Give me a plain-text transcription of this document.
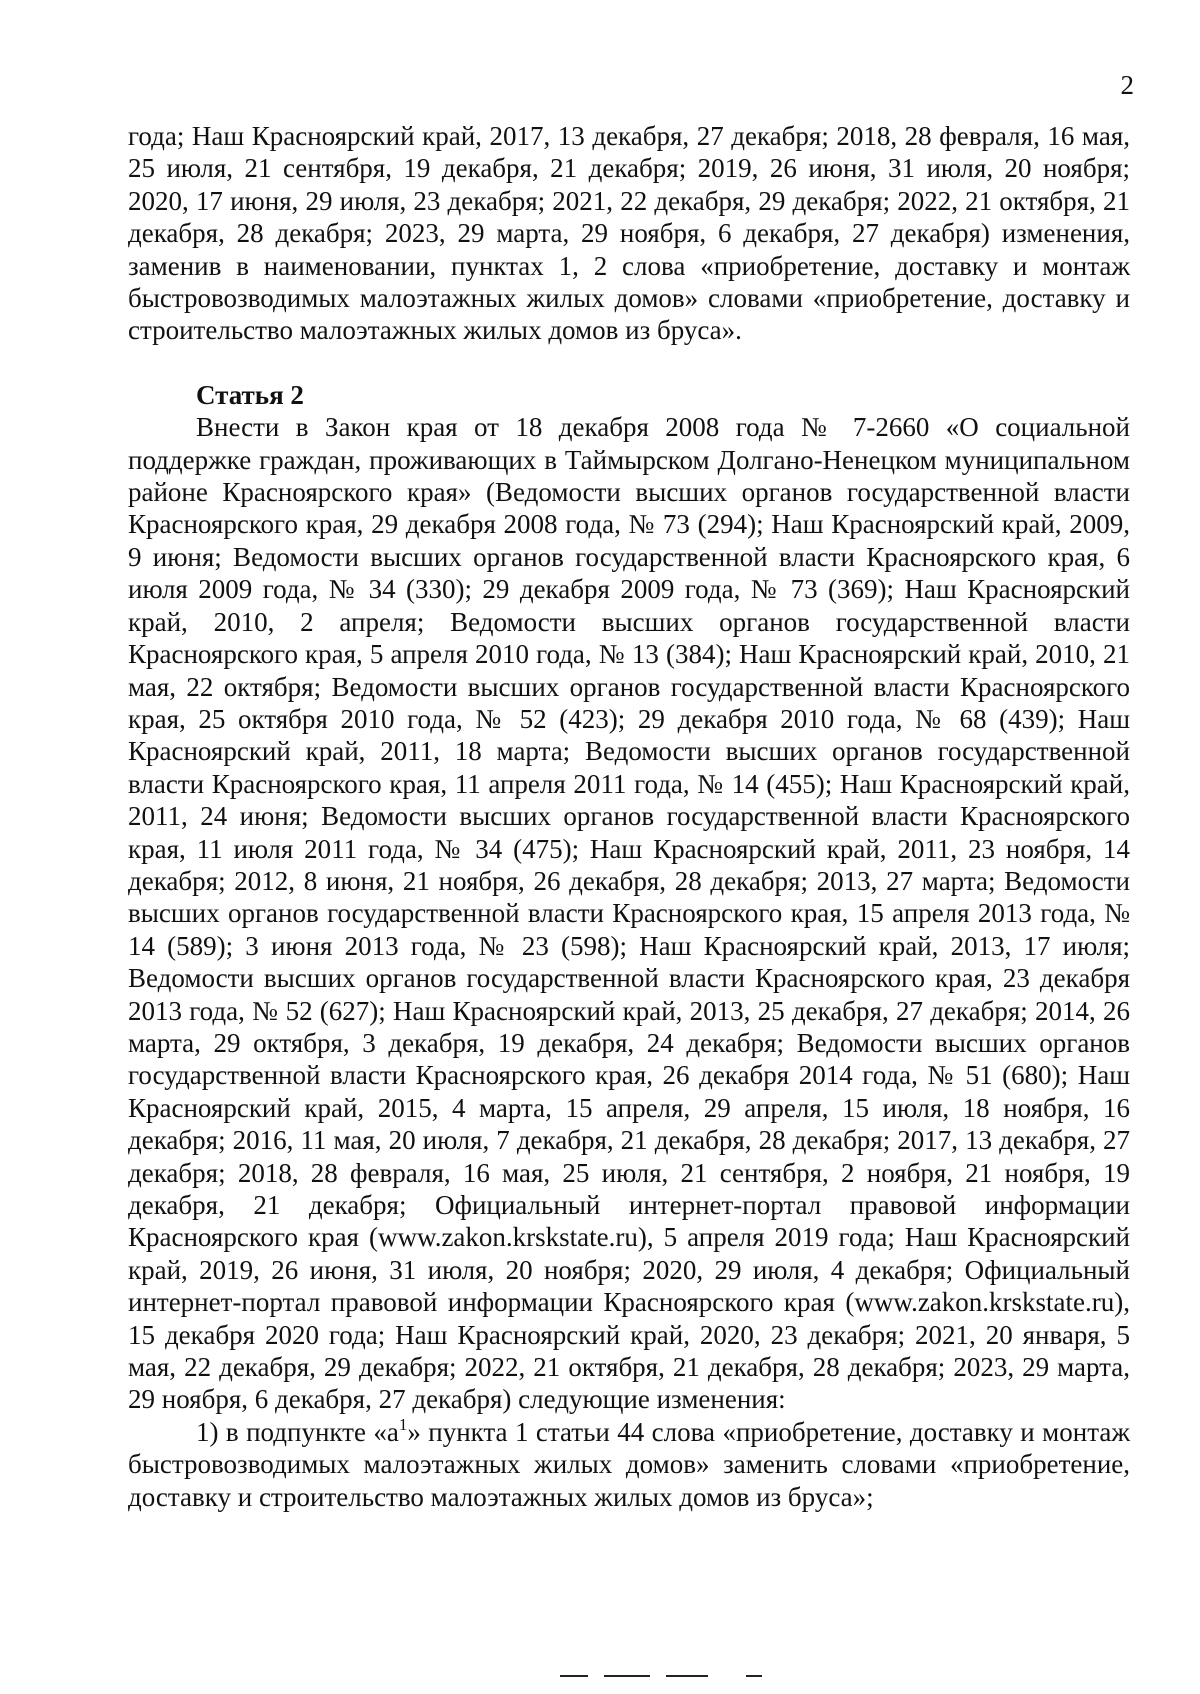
2

года; Наш Красноярский край, 2017, 13 декабря, 27 декабря; 2018, 28 февраля, 16 мая, 25 июля, 21 сентября, 19 декабря, 21 декабря; 2019, 26 июня, 31 июля, 20 ноября; 2020, 17 июня, 29 июля, 23 декабря; 2021, 22 декабря, 29 декабря; 2022, 21 октября, 21 декабря, 28 декабря; 2023, 29 марта, 29 ноября, 6 декабря, 27 декабря) изменения, заменив в наименовании, пунктах 1, 2 слова «приобретение, доставку и монтаж быстровозводимых малоэтажных жилых домов» словами «приобретение, доставку и строительство малоэтажных жилых домов из бруса».

Статья 2

Внести в Закон края от 18 декабря 2008 года № 7-2660 «О социальной поддержке граждан, проживающих в Таймырском Долгано-Ненецком муниципальном районе Красноярского края» (Ведомости высших органов государственной власти Красноярского края, 29 декабря 2008 года, № 73 (294); Наш Красноярский край, 2009, 9 июня; Ведомости высших органов государственной власти Красноярского края, 6 июля 2009 года, № 34 (330); 29 декабря 2009 года, № 73 (369); Наш Красноярский край, 2010, 2 апреля; Ведомости высших органов государственной власти Красноярского края, 5 апреля 2010 года, № 13 (384); Наш Красноярский край, 2010, 21 мая, 22 октября; Ведомости высших органов государственной власти Красноярского края, 25 октября 2010 года, № 52 (423); 29 декабря 2010 года, № 68 (439); Наш Красноярский край, 2011, 18 марта; Ведомости высших органов государственной власти Красноярского края, 11 апреля 2011 года, № 14 (455); Наш Красноярский край, 2011, 24 июня; Ведомости высших органов государственной власти Красноярского края, 11 июля 2011 года, № 34 (475); Наш Красноярский край, 2011, 23 ноября, 14 декабря; 2012, 8 июня, 21 ноября, 26 декабря, 28 декабря; 2013, 27 марта; Ведомости высших органов государственной власти Красноярского края, 15 апреля 2013 года, № 14 (589); 3 июня 2013 года, № 23 (598); Наш Красноярский край, 2013, 17 июля; Ведомости высших органов государственной власти Красноярского края, 23 декабря 2013 года, № 52 (627); Наш Красноярский край, 2013, 25 декабря, 27 декабря; 2014, 26 марта, 29 октября, 3 декабря, 19 декабря, 24 декабря; Ведомости высших органов государственной власти Красноярского края, 26 декабря 2014 года, № 51 (680); Наш Красноярский край, 2015, 4 марта, 15 апреля, 29 апреля, 15 июля, 18 ноября, 16 декабря; 2016, 11 мая, 20 июля, 7 декабря, 21 декабря, 28 декабря; 2017, 13 декабря, 27 декабря; 2018, 28 февраля, 16 мая, 25 июля, 21 сентября, 2 ноября, 21 ноября, 19 декабря, 21 декабря; Официальный интернет-портал правовой информации Красноярского края (www.zakon.krskstate.ru), 5 апреля 2019 года; Наш Красноярский край, 2019, 26 июня, 31 июля, 20 ноября; 2020, 29 июля, 4 декабря; Официальный интернет-портал правовой информации Красноярского края (www.zakon.krskstate.ru), 15 декабря 2020 года; Наш Красноярский край, 2020, 23 декабря; 2021, 20 января, 5 мая, 22 декабря, 29 декабря; 2022, 21 октября, 21 декабря, 28 декабря; 2023, 29 марта, 29 ноября, 6 декабря, 27 декабря) следующие изменения:

1) в подпункте «$а^1$» пункта 1 статьи 44 слова «приобретение, доставку и монтаж быстровозводимых малоэтажных жилых домов» заменить словами «приобретение, доставку и строительство малоэтажных жилых домов из бруса»;
